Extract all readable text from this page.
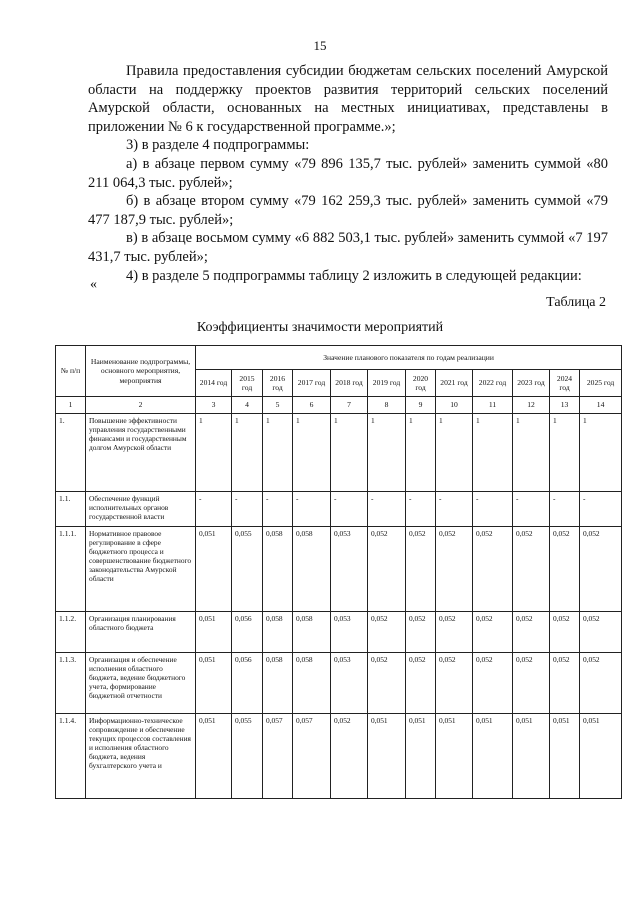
15

Правила предоставления субсидии бюджетам сельских поселений Амурской области на поддержку проектов развития территорий сельских поселений Амурской области, основанных на местных инициативах, представлены в приложении № 6 к государственной программе.»;

3) в разделе 4 подпрограммы:

а) в абзаце первом сумму «79 896 135,7 тыс. рублей» заменить суммой «80 211 064,3 тыс. рублей»;

б) в абзаце втором сумму «79 162 259,3 тыс. рублей» заменить суммой «79 477 187,9 тыс. рублей»;

в) в абзаце восьмом сумму «6 882 503,1 тыс. рублей» заменить суммой «7 197 431,7 тыс. рублей»;

4) в разделе 5 подпрограммы таблицу 2 изложить в следующей редакции:

«
Таблица 2
Коэффициенты значимости мероприятий
№ п/п	Наименование подпрограммы, основного мероприятия, мероприятия	Значение планового показателя по годам реализации											
		2014 год	2015 год	2016 год	2017 год	2018 год	2019 год	2020 год	2021 год	2022 год	2023 год	2024 год	2025 год
1	2	3	4	5	6	7	8	9	10	11	12	13	14
1.	Повышение эффективности управления государственными финансами и государственным долгом Амурской области	1	1	1	1	1	1	1	1	1	1	1	1
1.1.	Обеспечение функций исполнительных органов государственной власти	-	-	-	-	-	-	-	-	-	-	-	-
1.1.1.	Нормативное правовое регулирование в сфере бюджетного процесса и совершенствование бюджетного законодательства Амурской области	0,051	0,055	0,058	0,058	0,053	0,052	0,052	0,052	0,052	0,052	0,052	0,052
1.1.2.	Организация планирования областного бюджета	0,051	0,056	0,058	0,058	0,053	0,052	0,052	0,052	0,052	0,052	0,052	0,052
1.1.3.	Организация и обеспечение исполнения областного бюджета, ведение бюджетного учета, формирование бюджетной отчетности	0,051	0,056	0,058	0,058	0,053	0,052	0,052	0,052	0,052	0,052	0,052	0,052
1.1.4.	Информационно-техническое сопровождение и обеспечение текущих процессов составления и исполнения областного бюджета, ведения бухгалтерского учета и	0,051	0,055	0,057	0,057	0,052	0,051	0,051	0,051	0,051	0,051	0,051	0,051
